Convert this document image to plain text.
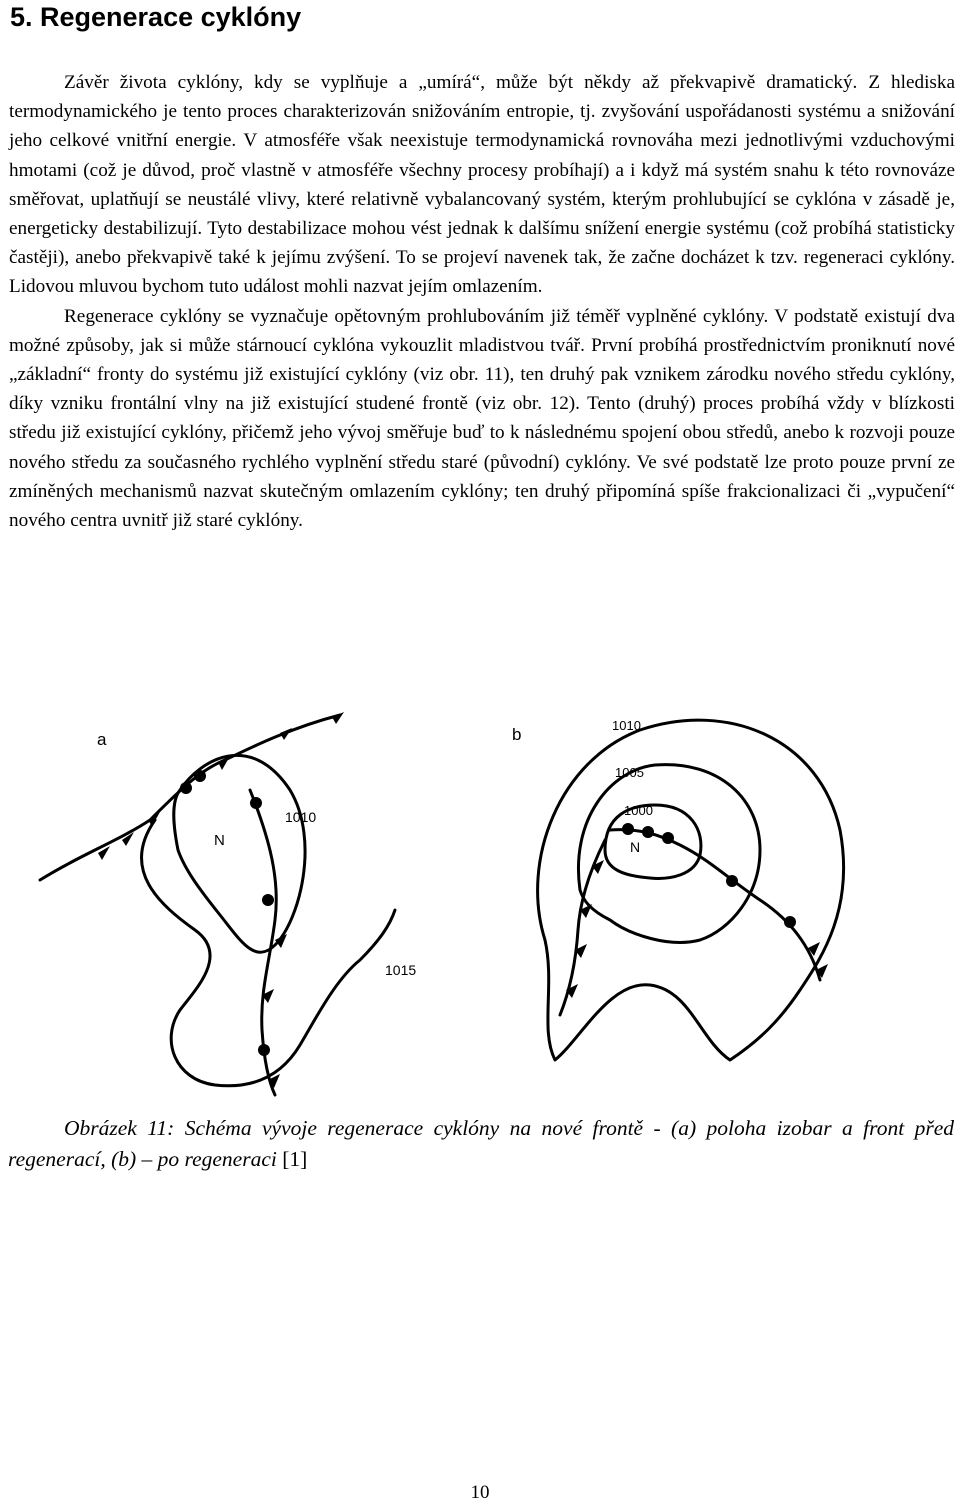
5. Regenerace cyklóny

Závěr života cyklóny, kdy se vyplňuje a „umírá“, může být někdy až překvapivě dramatický. Z hlediska termodynamického je tento proces charakterizován snižováním entropie, tj. zvyšování uspořádanosti systému a snižování jeho celkové vnitřní energie. V atmosféře však neexistuje termodynamická rovnováha mezi jednotlivými vzduchovými hmotami (což je důvod, proč vlastně v atmosféře všechny procesy probíhají) a i když má systém snahu k této rovnováze směřovat, uplatňují se neustálé vlivy, které relativně vybalancovaný systém, kterým prohlubující se cyklóna v zásadě je, energeticky destabilizují. Tyto destabilizace mohou vést jednak k dalšímu snížení energie systému (což probíhá statisticky častěji), anebo překvapivě také k jejímu zvýšení. To se projeví navenek tak, že začne docházet k tzv. regeneraci cyklóny. Lidovou mluvou bychom tuto událost mohli nazvat jejím omlazením.

Regenerace cyklóny se vyznačuje opětovným prohlubováním již téměř vyplněné cyklóny. V podstatě existují dva možné způsoby, jak si může stárnoucí cyklóna vykouzlit mladistvou tvář. První probíhá prostřednictvím proniknutí nové „základní“ fronty do systému již existující cyklóny (viz obr. 11), ten druhý pak vznikem zárodku nového středu cyklóny, díky vzniku frontální vlny na již existující studené frontě (viz obr. 12). Tento (druhý) proces probíhá vždy v blízkosti středu již existující cyklóny, přičemž jeho vývoj směřuje buď to k následnému spojení obou středů, anebo k rozvoji pouze nového středu za současného rychlého vyplnění středu staré (původní) cyklóny. Ve své podstatě lze proto pouze první ze zmíněných mechanismů nazvat skutečným omlazením cyklóny; ten druhý připomíná spíše frakcionalizaci či „vypučení“ nového centra uvnitř již staré cyklóny.

a
1010
N
1015
b	1010
1005
1000
N
Obrázek 11: Schéma vývoje regenerace cyklóny na nové frontě - (a) poloha izobar a front před regenerací, (b) – po regeneraci [1]
10
